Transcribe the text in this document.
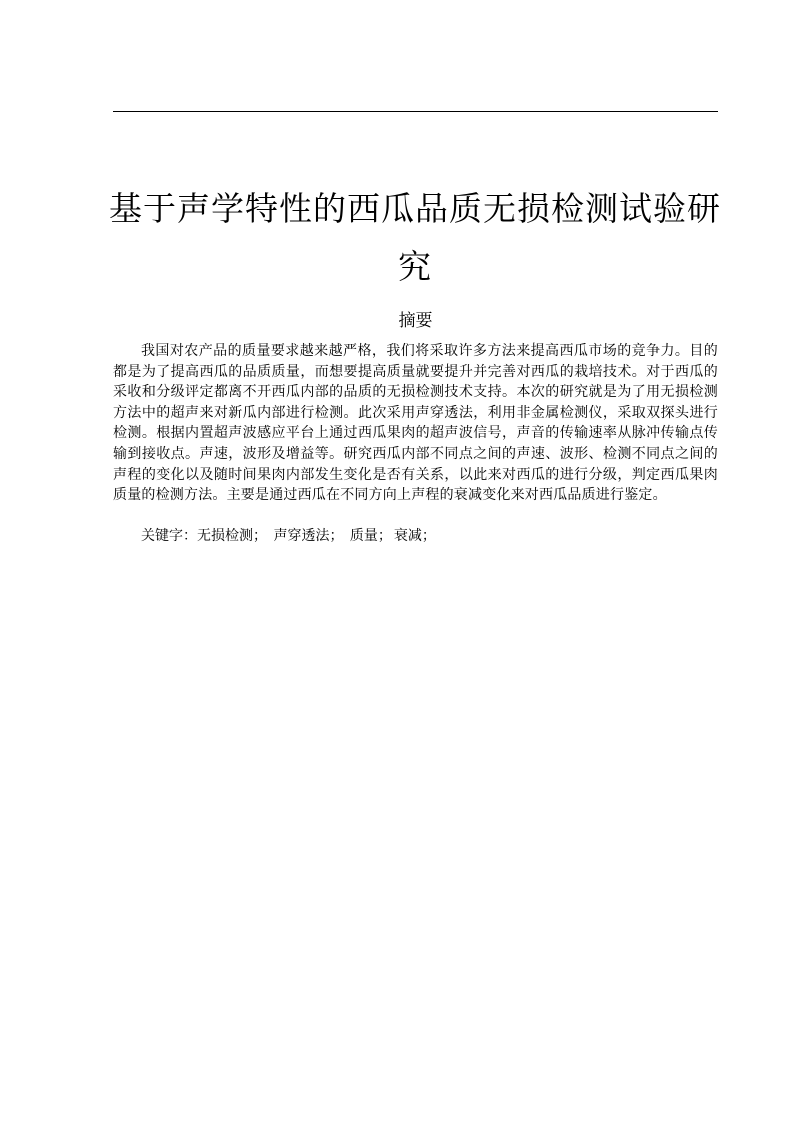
基于声学特性的西瓜品质无损检测试验研究
摘要

我国对农产品的质量要求越来越严格，我们将采取许多方法来提高西瓜市场的竞争力。目的都是为了提高西瓜的品质质量，而想要提高质量就要提升并完善对西瓜的栽培技术。对于西瓜的采收和分级评定都离不开西瓜内部的品质的无损检测技术支持。本次的研究就是为了用无损检测方法中的超声来对新瓜内部进行检测。此次采用声穿透法，利用非金属检测仪，采取双探头进行检测。根据内置超声波感应平台上通过西瓜果肉的超声波信号，声音的传输速率从脉冲传输点传输到接收点。声速，波形及增益等。研究西瓜内部不同点之间的声速、波形、检测不同点之间的声程的变化以及随时间果肉内部发生变化是否有关系，以此来对西瓜的进行分级，判定西瓜果肉质量的检测方法。主要是通过西瓜在不同方向上声程的衰减变化来对西瓜品质进行鉴定。

关键字：无损检测； 声穿透法； 质量； 衰减；
